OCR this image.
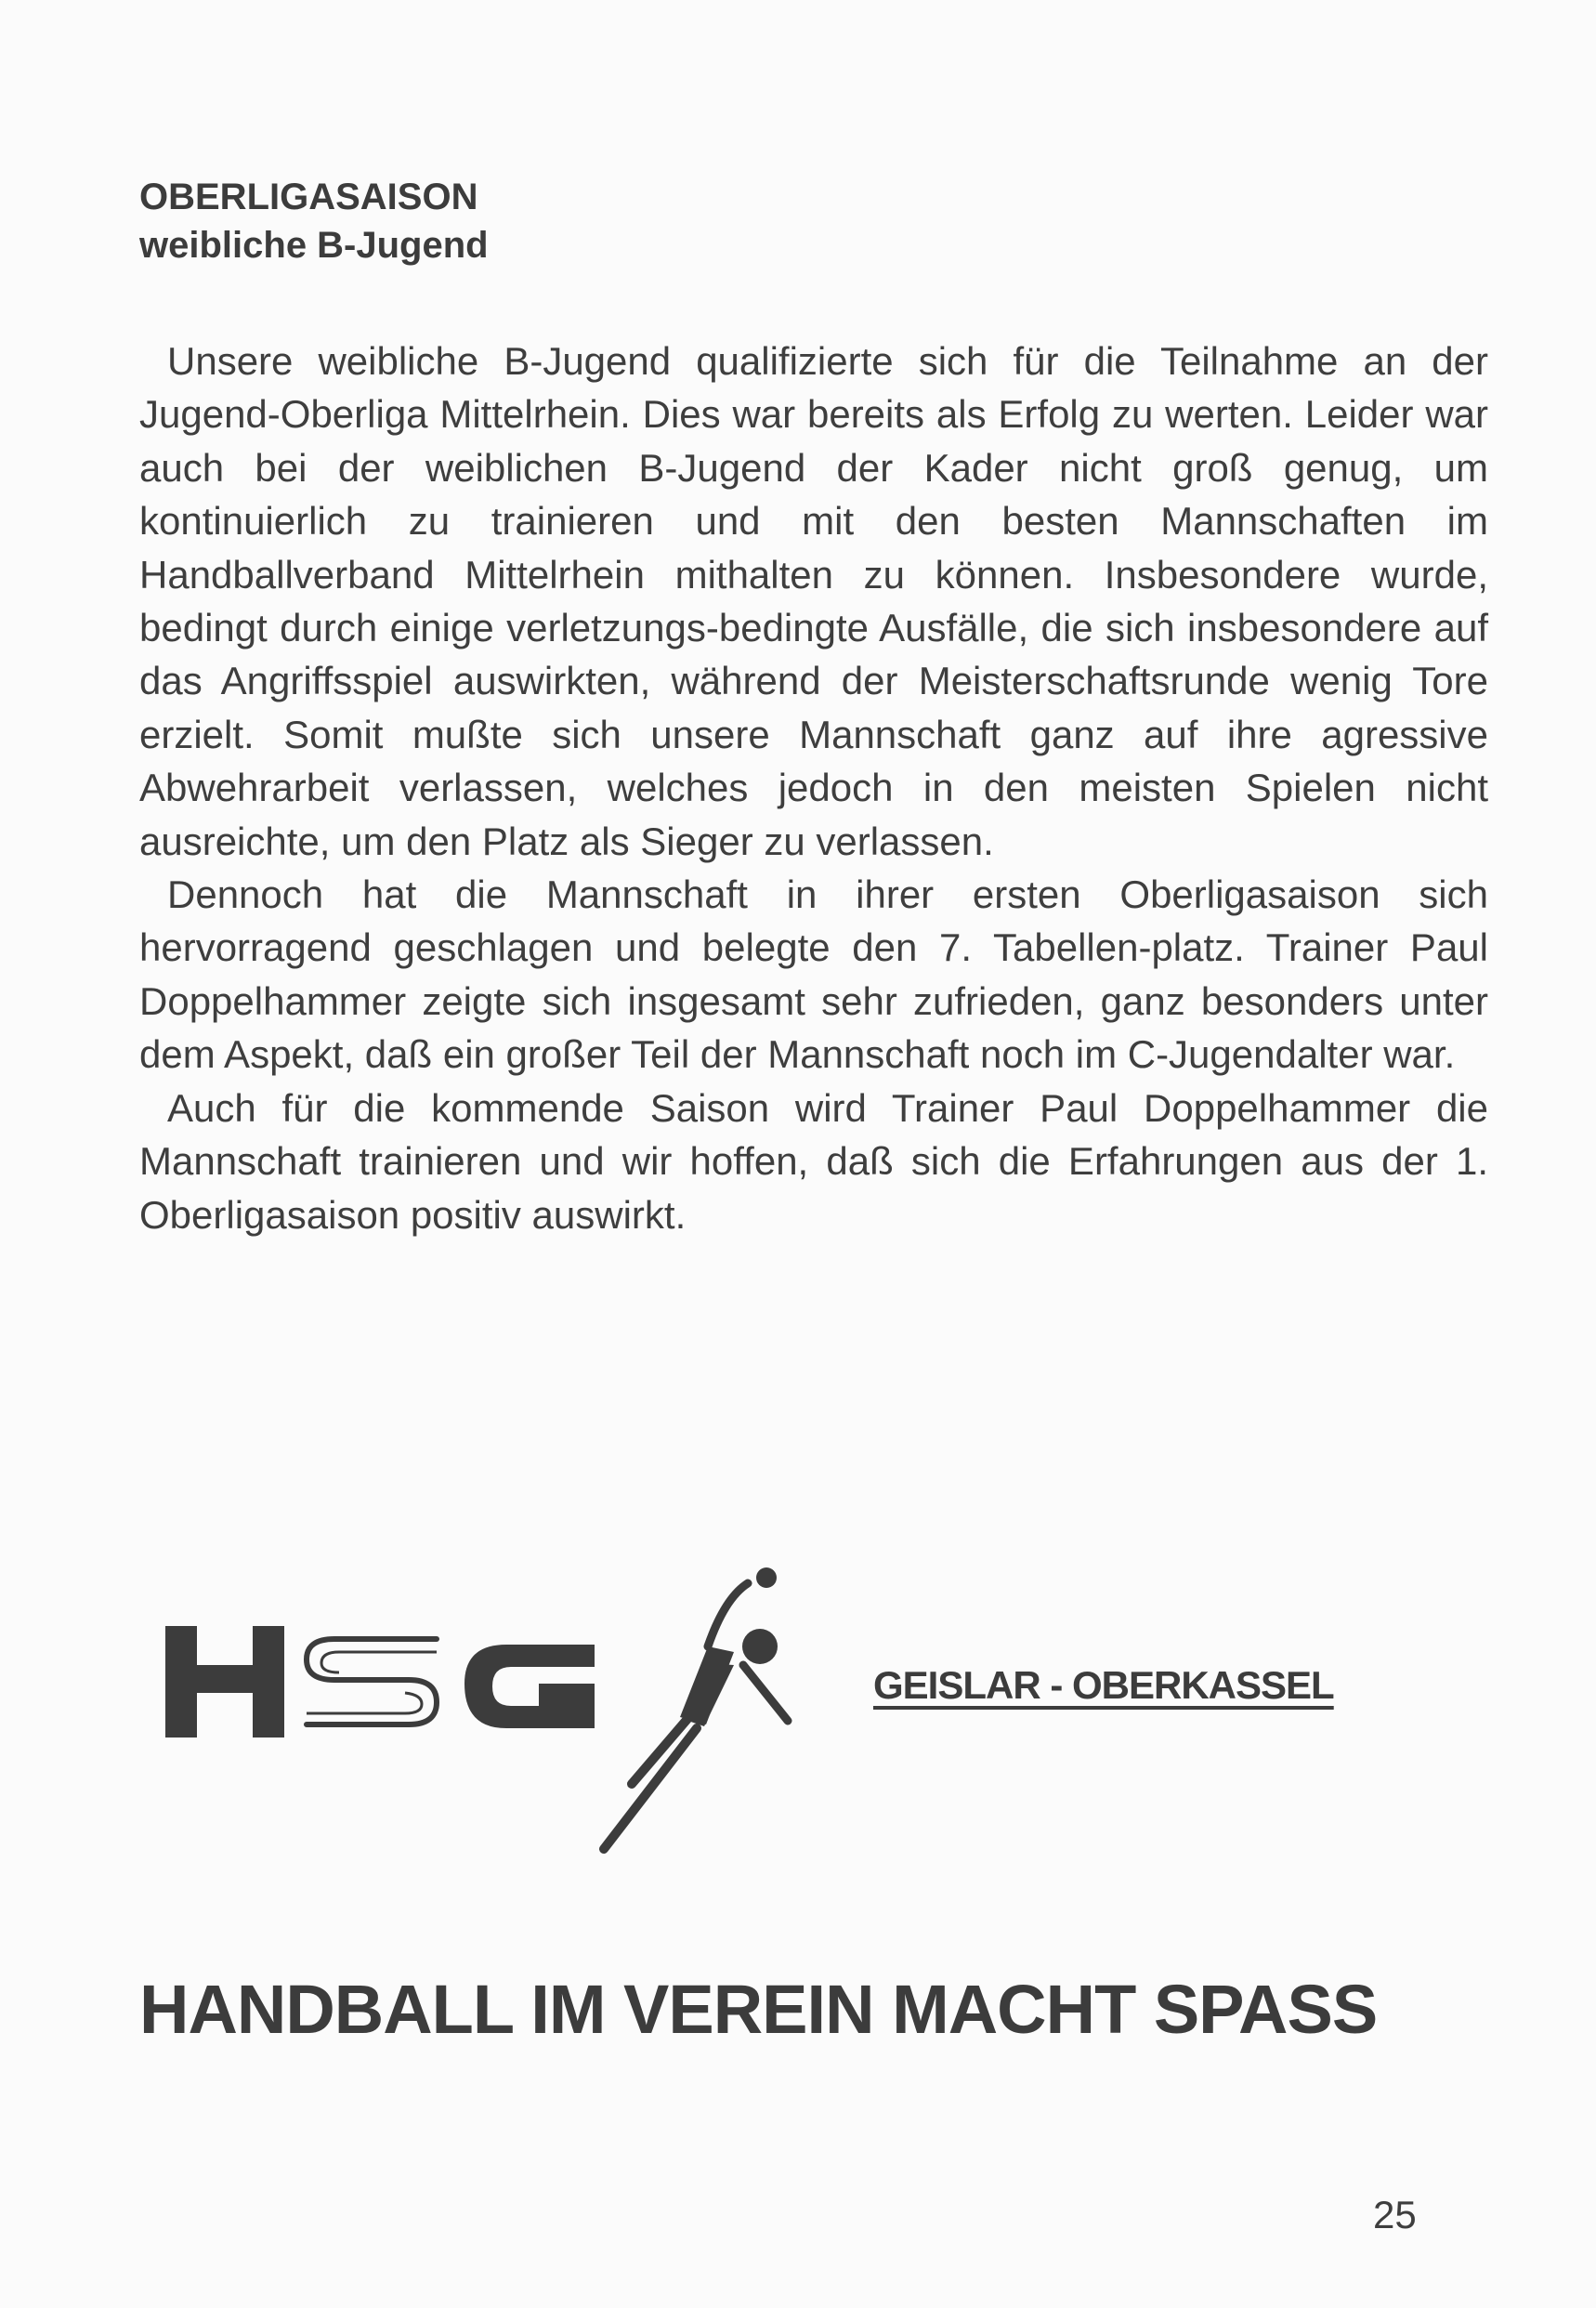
OBERLIGASAISON
weibliche B-Jugend

Unsere weibliche B-Jugend qualifizierte sich für die Teilnahme an der Jugend-Oberliga Mittelrhein. Dies war bereits als Erfolg zu werten. Leider war auch bei der weiblichen B-Jugend der Kader nicht groß genug, um kontinuierlich zu trainieren und mit den besten Mannschaften im Handballverband Mittelrhein mithalten zu können. Insbesondere wurde, bedingt durch einige verletzungs-bedingte Ausfälle, die sich insbesondere auf das Angriffsspiel auswirkten, während der Meisterschaftsrunde wenig Tore erzielt. Somit mußte sich unsere Mannschaft ganz auf ihre agressive Abwehrarbeit verlassen, welches jedoch in den meisten Spielen nicht ausreichte, um den Platz als Sieger zu verlassen.

Dennoch hat die Mannschaft in ihrer ersten Oberligasaison sich hervorragend geschlagen und belegte den 7. Tabellen-platz. Trainer Paul Doppelhammer zeigte sich insgesamt sehr zufrieden, ganz besonders unter dem Aspekt, daß ein großer Teil der Mannschaft noch im C-Jugendalter war.

Auch für die kommende Saison wird Trainer Paul Doppelhammer die Mannschaft trainieren und wir hoffen, daß sich die Erfahrungen aus der 1. Oberligasaison positiv auswirkt.

GEISLAR - OBERKASSEL
HANDBALL IM VEREIN MACHT SPASS
25
